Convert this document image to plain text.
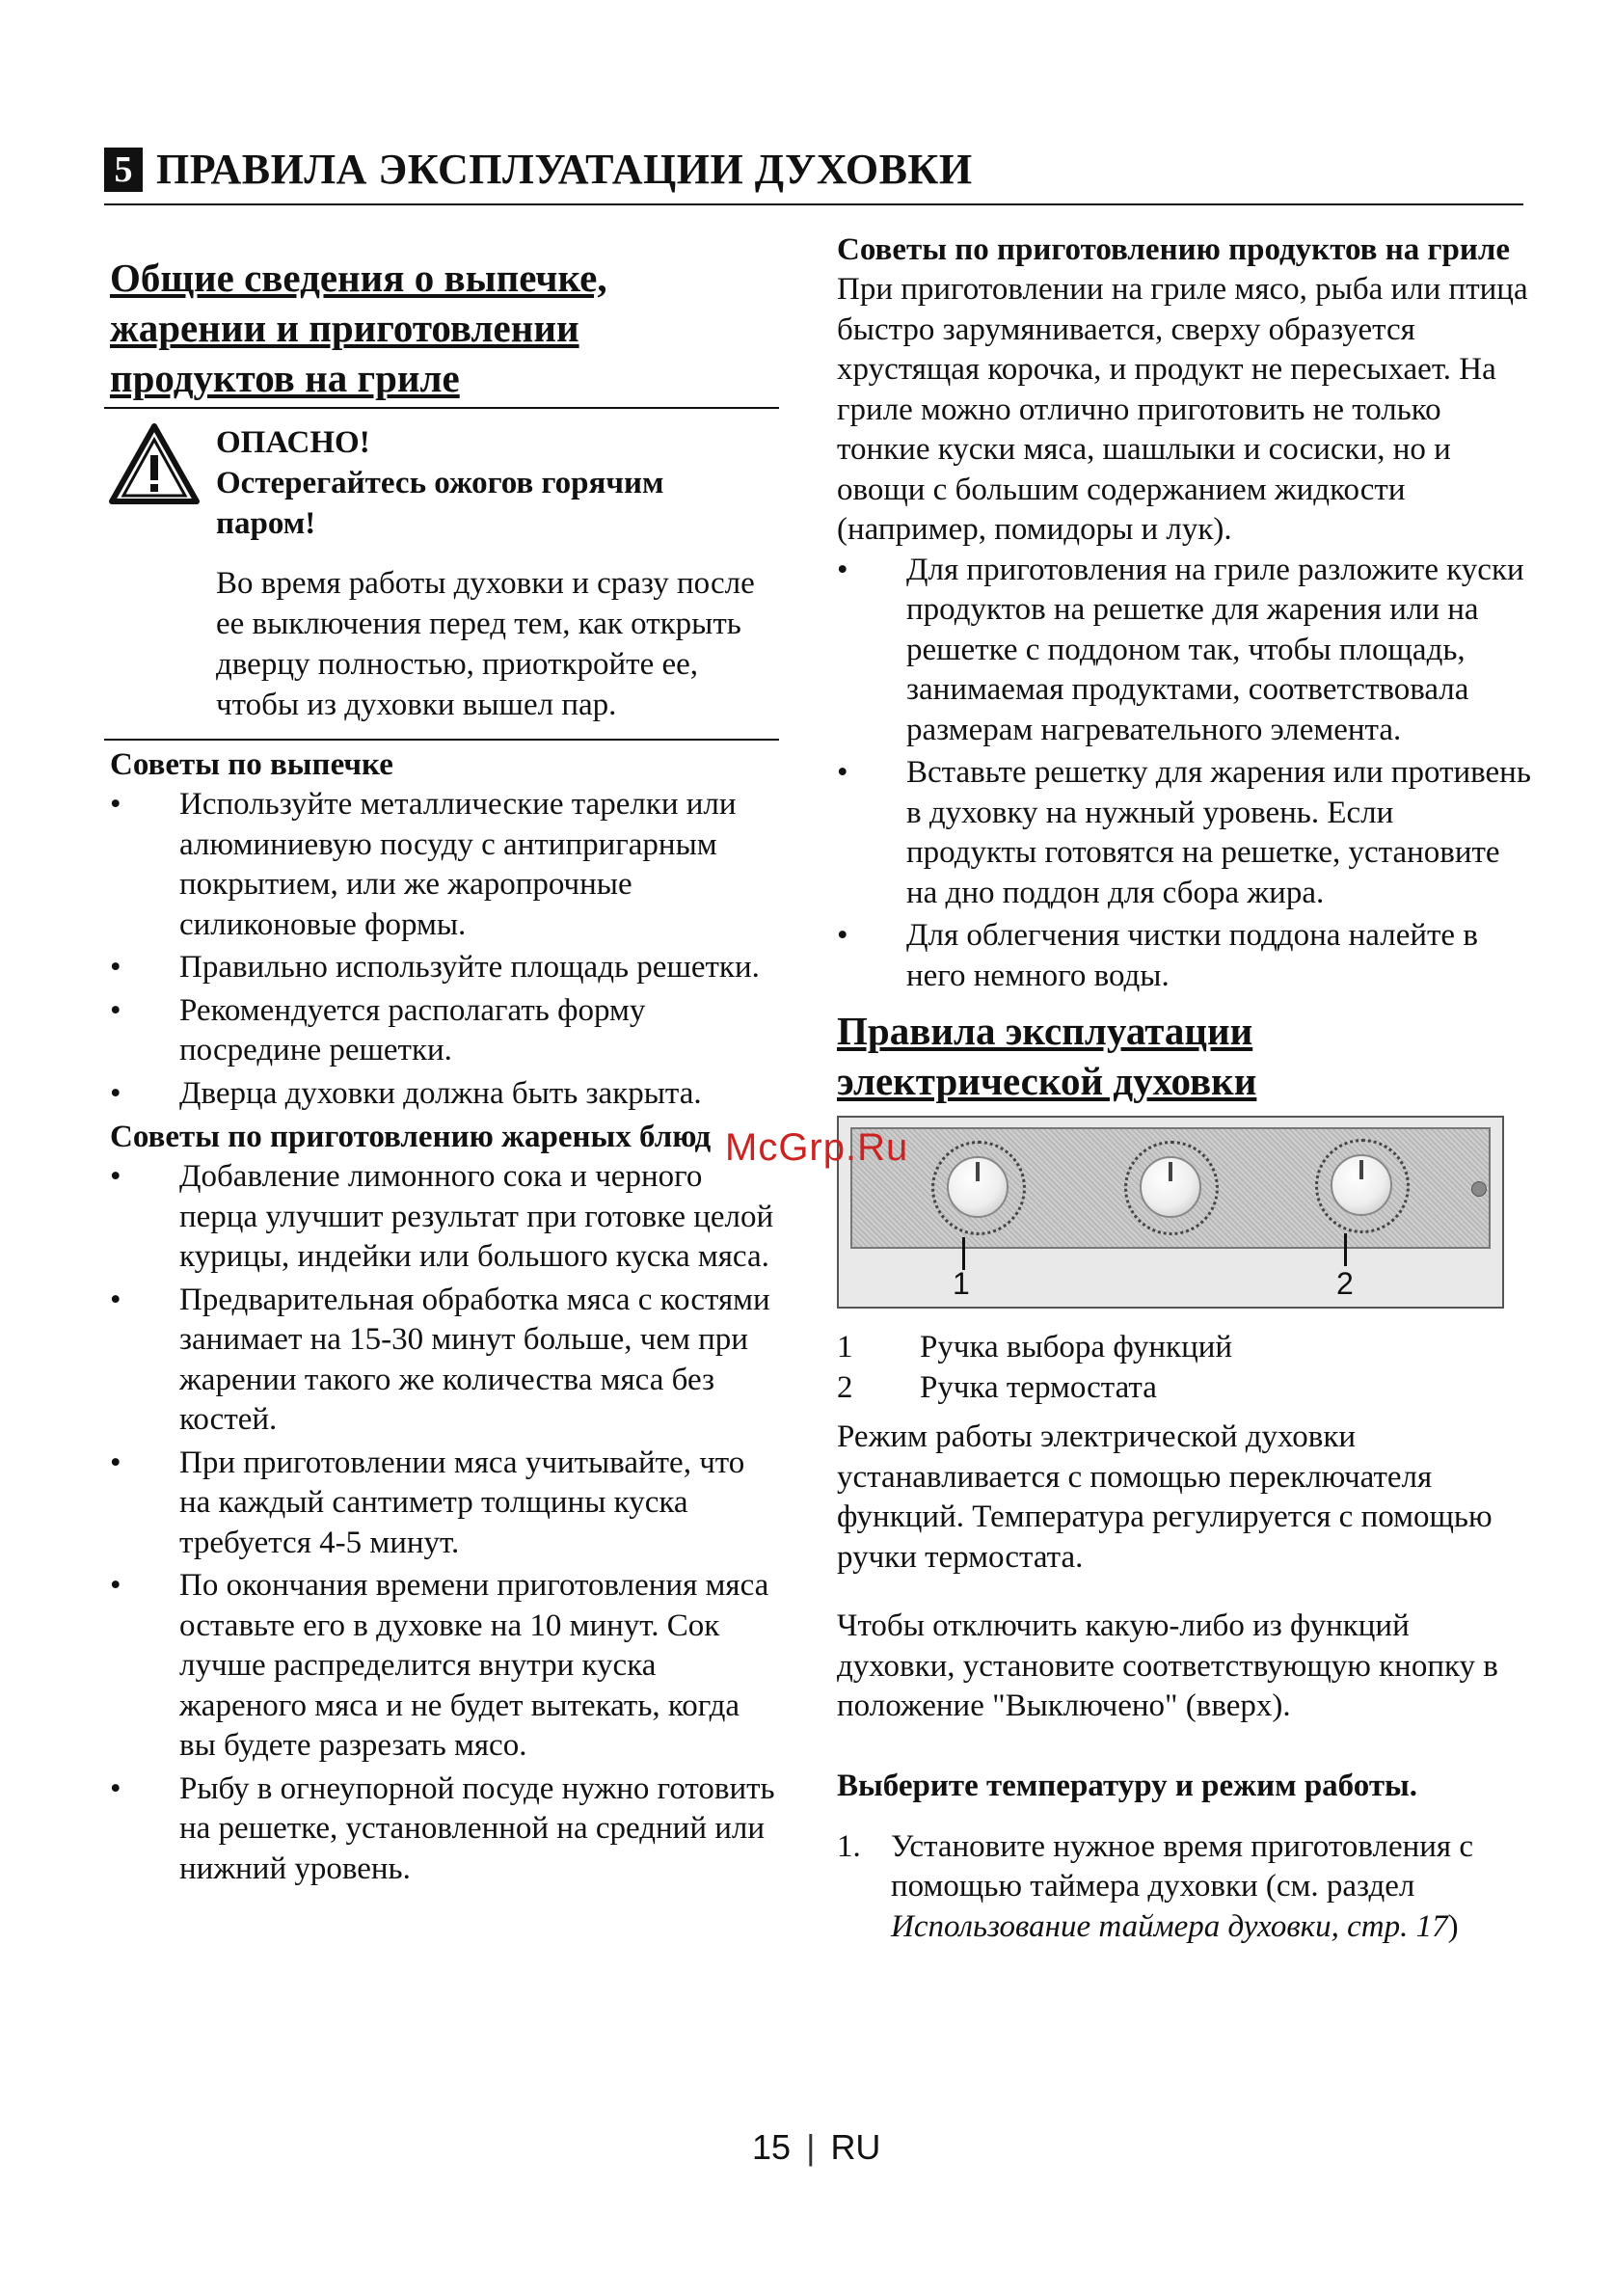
5 ПРАВИЛА ЭКСПЛУАТАЦИИ ДУХОВКИ
Общие сведения о выпечке,
жарении и приготовлении
продуктов на гриле
ОПАСНО!
Остерегайтесь ожогов горячим паром!
Во время работы духовки и сразу после ее выключения перед тем, как открыть дверцу полностью, приоткройте ее, чтобы из духовки вышел пар.
Советы по выпечке
• Используйте металлические тарелки или алюминиевую посуду с антипригарным покрытием, или же жаропрочные силиконовые формы.
• Правильно используйте площадь решетки.
• Рекомендуется располагать форму посредине решетки.
• Дверца духовки должна быть закрыта.
Советы по приготовлению жареных блюд
• Добавление лимонного сока и черного перца улучшит результат при готовке целой курицы, индейки или большого куска мяса.
• Предварительная обработка мяса с костями занимает на 15-30 минут больше, чем при жарении такого же количества мяса без костей.
• При приготовлении мяса учитывайте, что на каждый сантиметр толщины куска требуется 4-5 минут.
• По окончания времени приготовления мяса оставьте его в духовке на 10 минут. Сок лучше распределится внутри куска жареного мяса и не будет вытекать, когда вы будете разрезать мясо.
• Рыбу в огнеупорной посуде нужно готовить на решетке, установленной на средний или нижний уровень.
Советы по приготовлению продуктов на гриле
При приготовлении на гриле мясо, рыба или птица быстро зарумянивается, сверху образуется хрустящая корочка, и продукт не пересыхает. На гриле можно отлично приготовить не только тонкие куски мяса, шашлыки и сосиски, но и овощи с большим содержанием жидкости (например, помидоры и лук).
• Для приготовления на гриле разложите куски продуктов на решетке для жарения или на решетке с поддоном так, чтобы площадь, занимаемая продуктами, соответствовала размерам нагревательного элемента.
• Вставьте решетку для жарения или противень в духовку на нужный уровень. Если продукты готовятся на решетке, установите на дно поддон для сбора жира.
• Для облегчения чистки поддона налейте в него немного воды.
Правила эксплуатации
электрической духовки
1	2
1	Ручка выбора функций
2	Ручка термостата
Режим работы электрической духовки устанавливается с помощью переключателя функций. Температура регулируется с помощью ручки термостата.
Чтобы отключить какую-либо из функций духовки, установите соответствующую кнопку в положение "Выключено" (вверх).
Выберите температуру и режим работы.
1. Установите нужное время приготовления с помощью таймера духовки (см. раздел Использование таймера духовки, стр. 17)
McGrp.Ru
15 | RU
